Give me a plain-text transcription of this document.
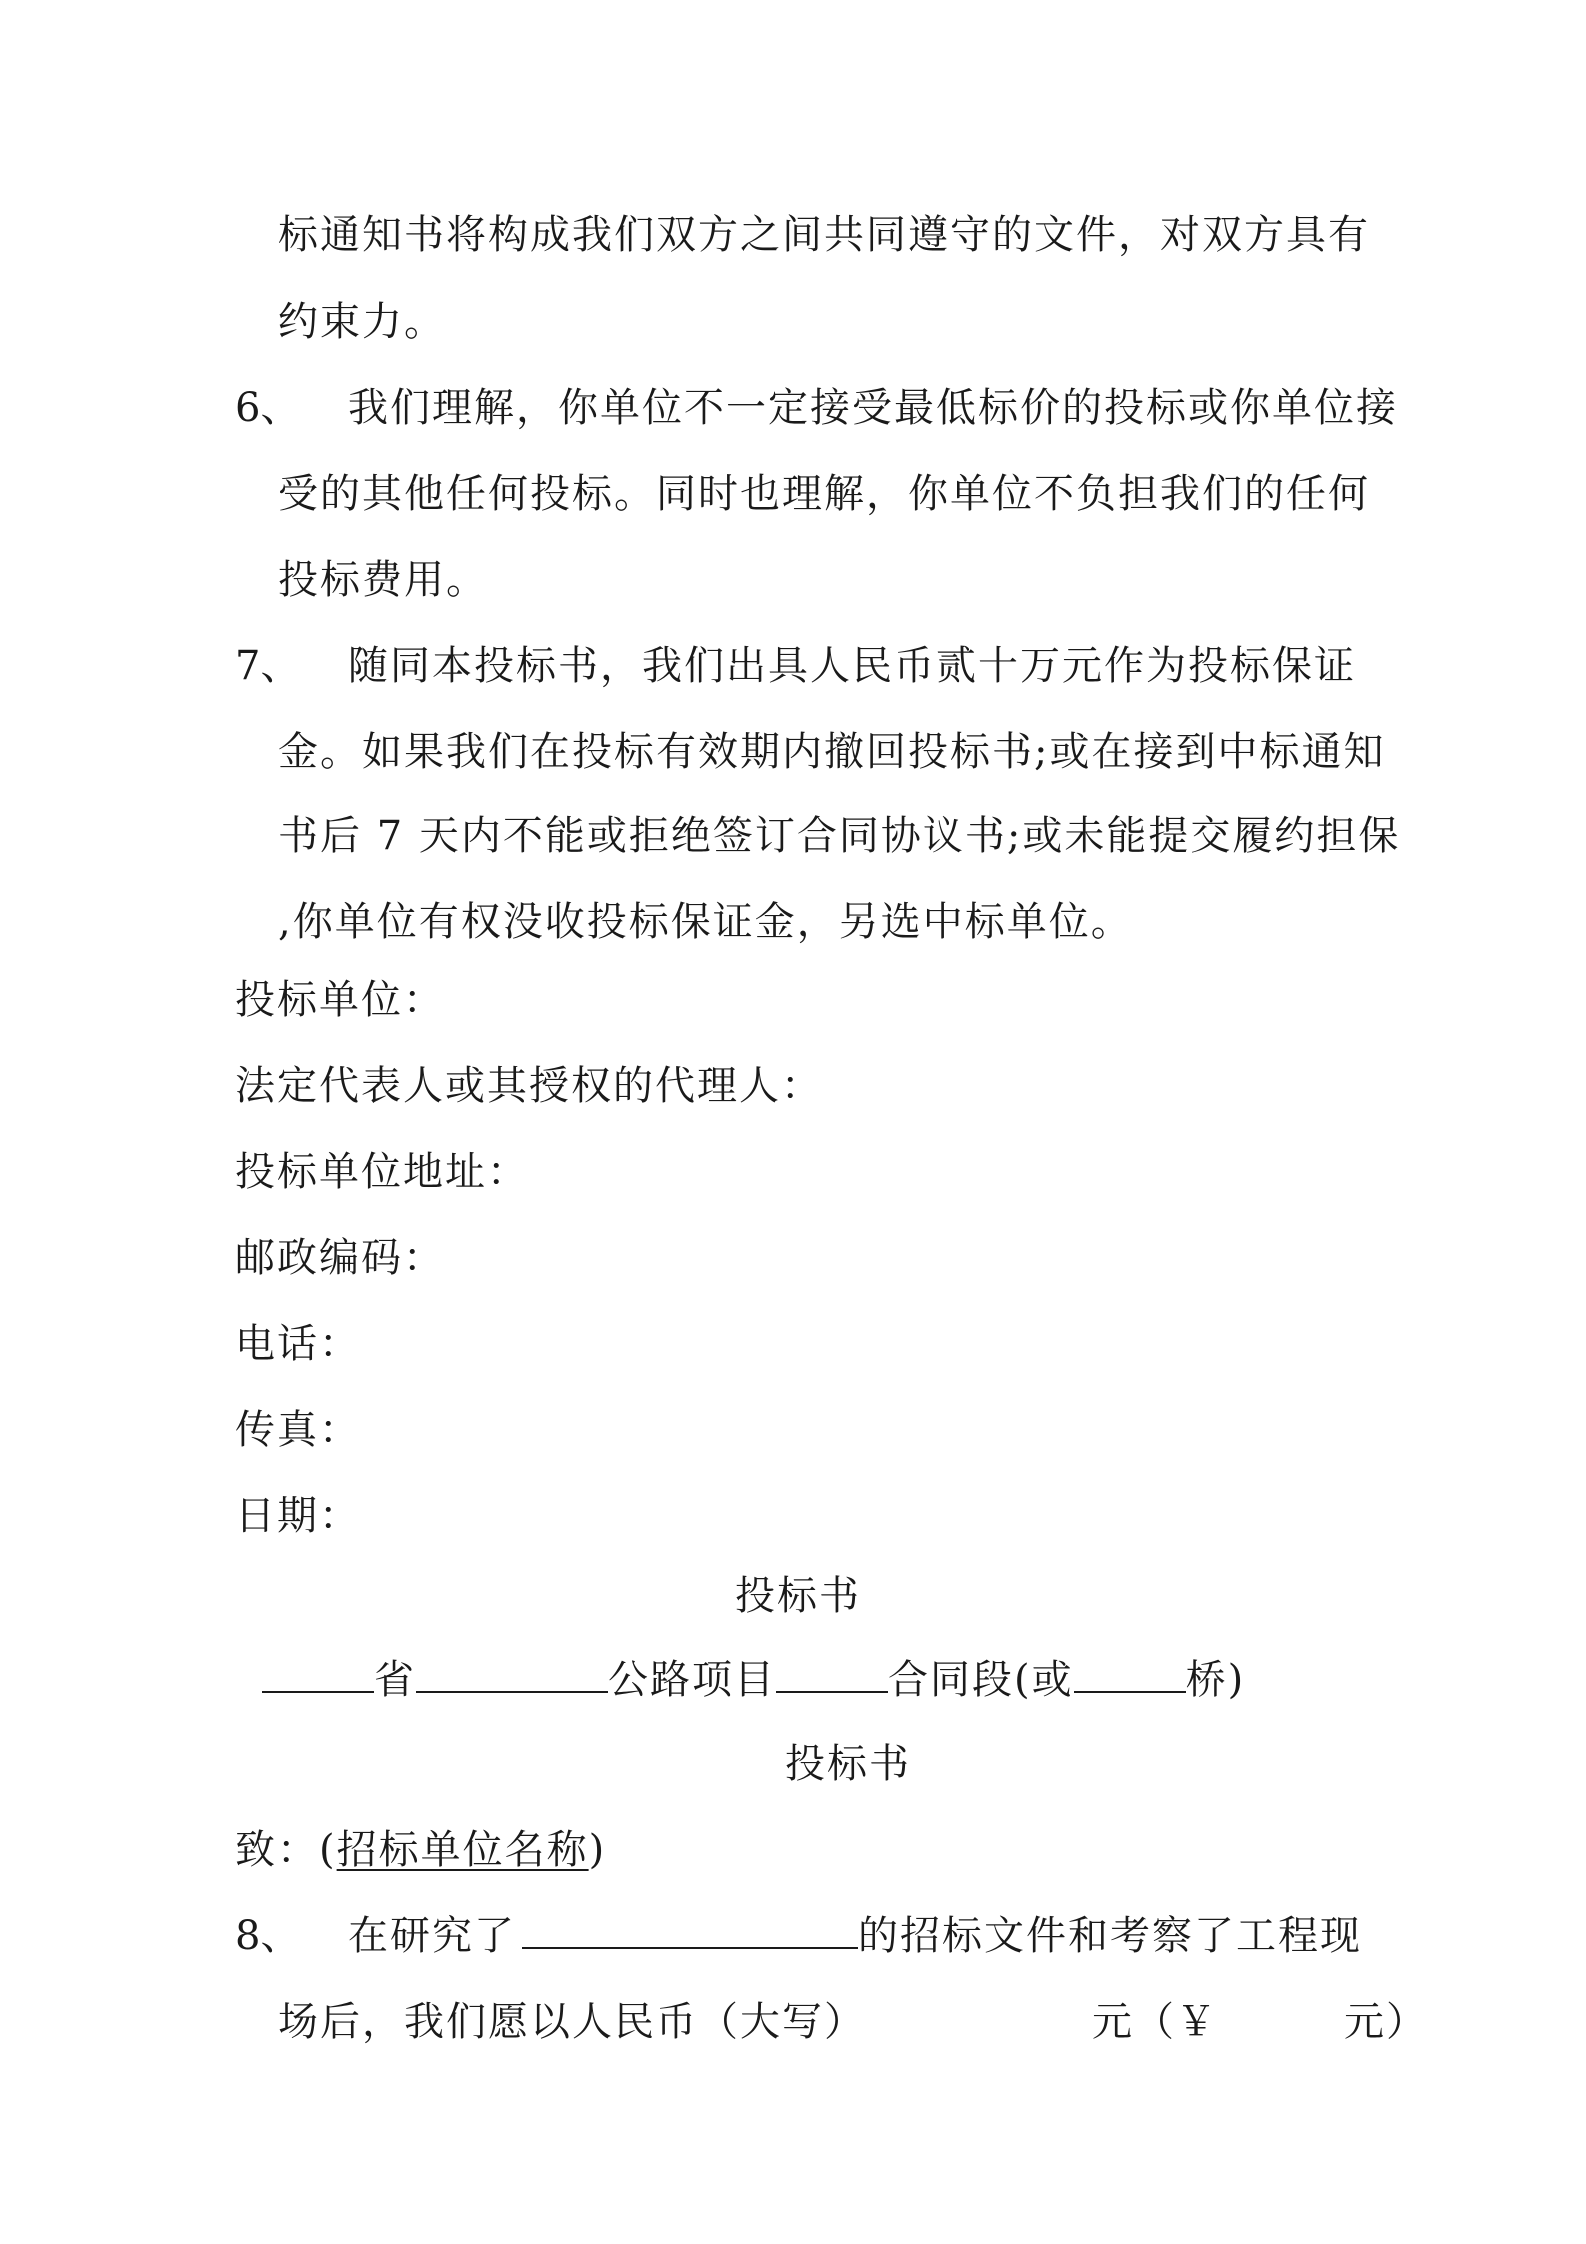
标通知书将构成我们双方之间共同遵守的文件，对双方具有
约束力。
6、 我们理解，你单位不一定接受最低标价的投标或你单位接
受的其他任何投标。同时也理解，你单位不负担我们的任何
投标费用。
7、 随同本投标书，我们出具人民币贰十万元作为投标保证
金。如果我们在投标有效期内撤回投标书;或在接到中标通知
书后 7 天内不能或拒绝签订合同协议书;或未能提交履约担保
,你单位有权没收投标保证金，另选中标单位。
投标单位：
法定代表人或其授权的代理人：
投标单位地址：
邮政编码：
电话：
传真：
日期：
投标书
省	公路项目	合同段(或	桥)
投标书
致：(招标单位名称)
8、 在研究了	的招标文件和考察了工程现
场后，我们愿以人民币（大写）	元（￥	元）
